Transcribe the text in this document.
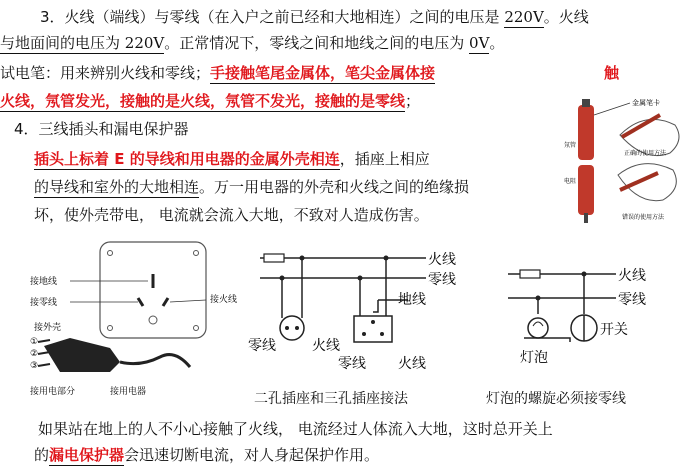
3．火线（端线）与零线（在入户之前已经和大地相连）之间的电压是 220V。火线
与地面间的电压为 220V。正常情况下，零线之间和地线之间的电压为 0V。
试电笔：用来辨别火线和零线；手接触笔尾金属体，笔尖金属体接	触
火线，氖管发光，接触的是火线，氖管不发光，接触的是零线；
4．三线插头和漏电保护器
插头上标着 E 的导线和用电器的金属外壳相连，插座上相应
的导线和室外的大地相连。万一用电器的外壳和火线之间的绝缘损
坏，使外壳带电， 电流就会流入大地，不致对人造成伤害。
金属笔卡
正确的使用方法
氖管
电阻
错误的使用方法
接地线
接零线	接火线
接外壳
①
②
③
接用电部分	接用电器
火线
零线
地线
零线	火线
零线 火线
二孔插座和三孔插座接法
火线
零线
开关
灯泡
灯泡的螺旋必须接零线
如果站在地上的人不小心接触了火线， 电流经过人体流入大地，这时总开关上
的漏电保护器会迅速切断电流，对人身起保护作用。
